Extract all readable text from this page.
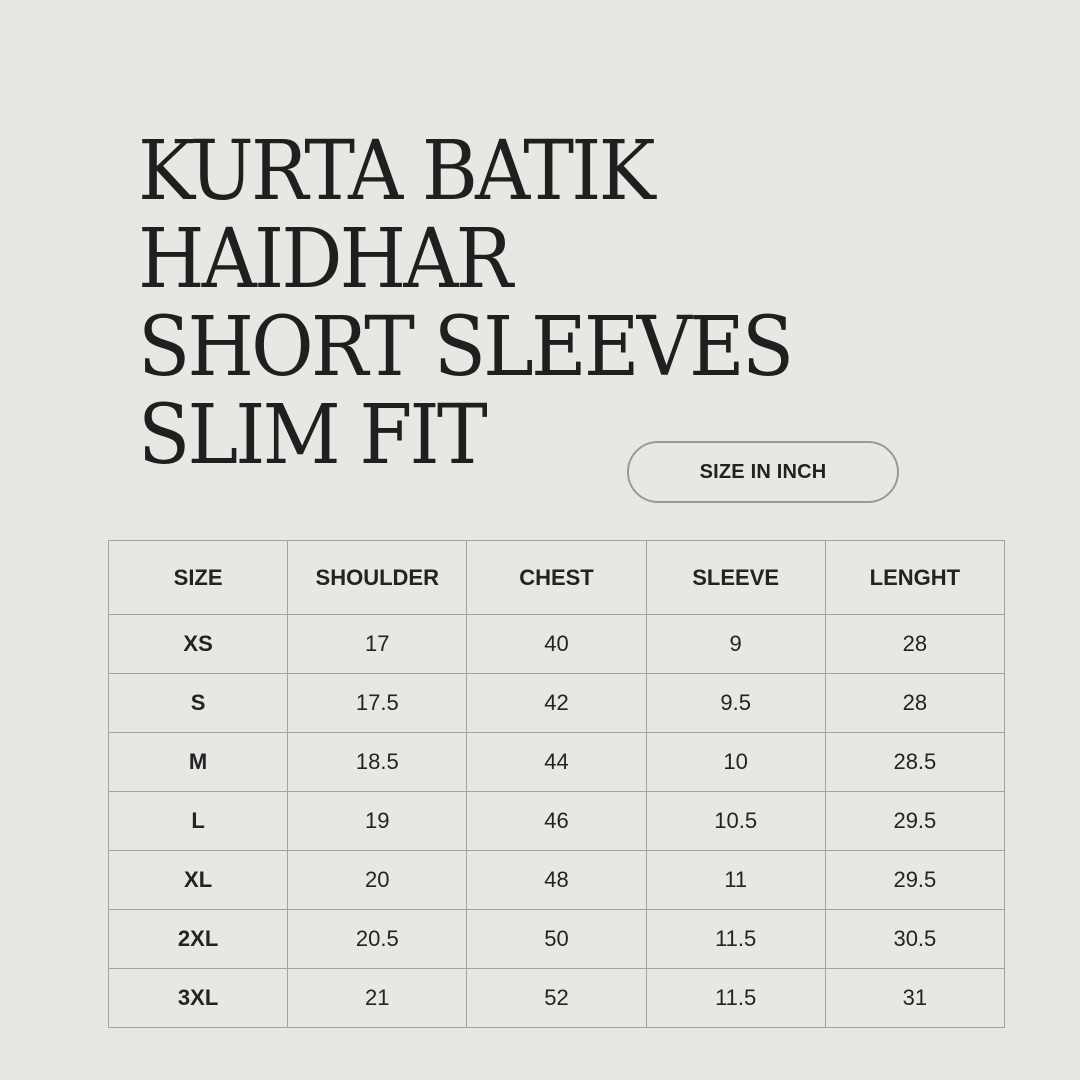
KURTA BATIK
HAIDHAR
SHORT SLEEVES
SLIM FIT	SIZE IN INCH
SIZE	SHOULDER	CHEST	SLEEVE	LENGHT
XS	17	40	9	28
S	17.5	42	9.5	28
M	18.5	44	10	28.5
L	19	46	10.5	29.5
XL	20	48	11	29.5
2XL	20.5	50	11.5	30.5
3XL	21	52	11.5	31
